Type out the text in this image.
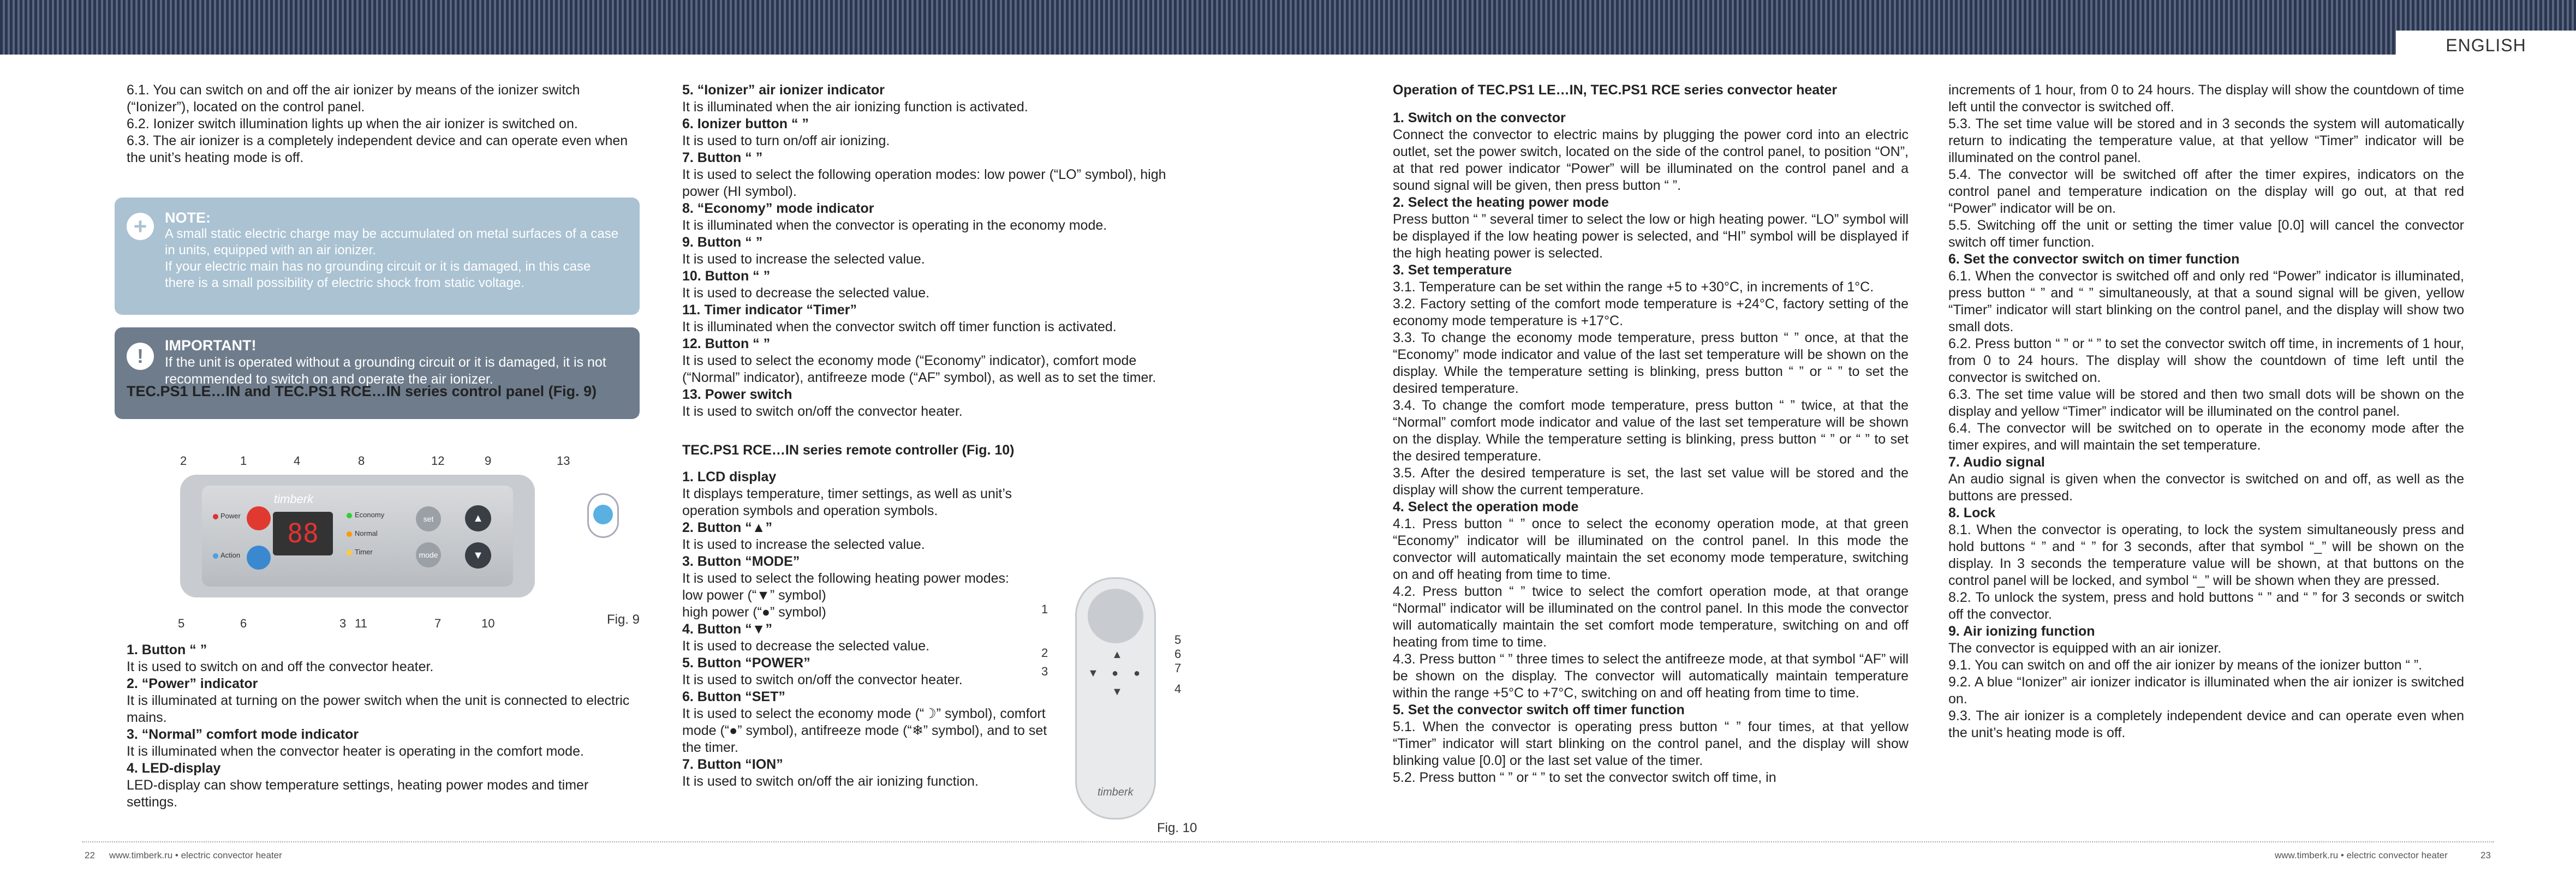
ENGLISH

6.1. You can switch on and off the air ionizer by means of the ionizer switch (“Ionizer”), located on the control panel.

6.2. Ionizer switch illumination lights up when the air ionizer is switched on.

6.3. The air ionizer is a completely independent device and can operate even when the unit’s heating mode is off.

+	NOTE:
A small static electric charge may be accumulated on metal surfaces of a case in units, equipped with an air ionizer.
If your electric main has no grounding circuit or it is damaged, in this case there is a small possibility of electric shock from static voltage.
!	IMPORTANT!
If the unit is operated without a grounding circuit or it is damaged, it is not recommended to switch on and operate the air ionizer.
TEC.PS1 LE…IN and TEC.PS1 RCE…IN series control panel (Fig. 9)
2	1	4	8	12	9	13
Power
Action
timberk
88
Economy
Normal
Timer
set
mode
▲
▼
5	6	3 11	7	10	Fig. 9

1. Button “ ”

It is used to switch on and off the convector heater.

2. “Power” indicator

It is illuminated at turning on the power switch when the unit is connected to electric mains.

3. “Normal” comfort mode indicator

It is illuminated when the convector heater is operating in the comfort mode.

4. LED-display

LED-display can show temperature settings, heating power modes and timer settings.

5. “Ionizer” air ionizer indicator

It is illuminated when the air ionizing function is activated.

6. Ionizer button “ ”

It is used to turn on/off air ionizing.

7. Button “ ”

It is used to select the following operation modes: low power (“LO” symbol), high power (HI symbol).

8. “Economy” mode indicator

It is illuminated when the convector is operating in the economy mode.

9. Button “ ”

It is used to increase the selected value.

10. Button “ ”

It is used to decrease the selected value.

11. Timer indicator “Timer”

It is illuminated when the convector switch off timer function is activated.

12. Button “ ”

It is used to select the economy mode (“Economy” indicator), comfort mode (“Normal” indicator), antifreeze mode (“AF” symbol), as well as to set the timer.

13. Power switch

It is used to switch on/off the convector heater.

TEC.PS1 RCE…IN series remote controller (Fig. 10)

1. LCD display

It displays temperature, timer settings, as well as unit’s operation symbols and operation symbols.

2. Button “▲”

It is used to increase the selected value.

3. Button “MODE”

It is used to select the following heating power modes:

low power (“▼” symbol)

high power (“●” symbol)

4. Button “▼”

It is used to decrease the selected value.

5. Button “POWER”

It is used to switch on/off the convector heater.

6. Button “SET”

It is used to select the economy mode (“☽” symbol), comfort mode (“●” symbol), antifreeze mode (“❄” symbol), and to set the timer.

7. Button “ION”

It is used to switch on/off the air ionizing function.

1
2
3
▲
▼ ● ●
▼
timberk
5
6
7
4
Fig. 10

Operation of TEC.PS1 LE…IN, TEC.PS1 RCE series convector heater

1. Switch on the convector

Connect the convector to electric mains by plugging the power cord into an electric outlet, set the power switch, located on the side of the control panel, to position “ON”, at that red power indicator “Power” will be illuminated on the control panel and a sound signal will be given, then press button “ ”.

2. Select the heating power mode

Press button “ ” several timer to select the low or high heating power. “LO” symbol will be displayed if the low heating power is selected, and “HI” symbol will be displayed if the high heating power is selected.

3. Set temperature

3.1. Temperature can be set within the range +5 to +30°C, in increments of 1°C.

3.2. Factory setting of the comfort mode temperature is +24°C, factory setting of the economy mode temperature is +17°C.

3.3. To change the economy mode temperature, press button “ ” once, at that the “Economy” mode indicator and value of the last set temperature will be shown on the display. While the temperature setting is blinking, press button “ ” or “ ” to set the desired temperature.

3.4. To change the comfort mode temperature, press button “ ” twice, at that the “Normal” comfort mode indicator and value of the last set temperature will be shown on the display. While the temperature setting is blinking, press button “ ” or “ ” to set the desired temperature.

3.5. After the desired temperature is set, the last set value will be stored and the display will show the current temperature.

4. Select the operation mode

4.1. Press button “ ” once to select the economy operation mode, at that green “Economy” indicator will be illuminated on the control panel. In this mode the convector will automatically maintain the set economy mode temperature, switching on and off heating from time to time.

4.2. Press button “ ” twice to select the comfort operation mode, at that orange “Normal” indicator will be illuminated on the control panel. In this mode the convector will automatically maintain the set comfort mode temperature, switching on and off heating from time to time.

4.3. Press button “ ” three times to select the antifreeze mode, at that symbol “AF” will be shown on the display. The convector will automatically maintain temperature within the range +5°C to +7°C, switching on and off heating from time to time.

5. Set the convector switch off timer function

5.1. When the convector is operating press button “ ” four times, at that yellow “Timer” indicator will start blinking on the control panel, and the display will show blinking value [0.0] or the last set value of the timer.

5.2. Press button “ ” or “ ” to set the convector switch off time, in

increments of 1 hour, from 0 to 24 hours. The display will show the countdown of time left until the convector is switched off.

5.3. The set time value will be stored and in 3 seconds the system will automatically return to indicating the temperature value, at that yellow “Timer” indicator will be illuminated on the control panel.

5.4. The convector will be switched off after the timer expires, indicators on the control panel and temperature indication on the display will go out, at that red “Power” indicator will be on.

5.5. Switching off the unit or setting the timer value [0.0] will cancel the convector switch off timer function.

6. Set the convector switch on timer function

6.1. When the convector is switched off and only red “Power” indicator is illuminated, press button “ ” and “ ” simultaneously, at that a sound signal will be given, yellow “Timer” indicator will start blinking on the control panel, and the display will show two small dots.

6.2. Press button “ ” or “ ” to set the convector switch off time, in increments of 1 hour, from 0 to 24 hours. The display will show the countdown of time left until the convector is switched on.

6.3. The set time value will be stored and then two small dots will be shown on the display and yellow “Timer” indicator will be illuminated on the control panel.

6.4. The convector will be switched on to operate in the economy mode after the timer expires, and will maintain the set temperature.

7. Audio signal

An audio signal is given when the convector is switched on and off, as well as the buttons are pressed.

8. Lock

8.1. When the convector is operating, to lock the system simultaneously press and hold buttons “ ” and “ ” for 3 seconds, after that symbol “_” will be shown on the display. In 3 seconds the temperature value will be shown, at that buttons on the control panel will be locked, and symbol “_” will be shown when they are pressed.

8.2. To unlock the system, press and hold buttons “ ” and “ ” for 3 seconds or switch off the convector.

9. Air ionizing function

The convector is equipped with an air ionizer.

9.1. You can switch on and off the air ionizer by means of the ionizer button “ ”.

9.2. A blue “Ionizer” air ionizer indicator is illuminated when the air ionizer is switched on.

9.3. The air ionizer is a completely independent device and can operate even when the unit’s heating mode is off.

22 www.timberk.ru • electric convector heater	www.timberk.ru • electric convector heater	23
